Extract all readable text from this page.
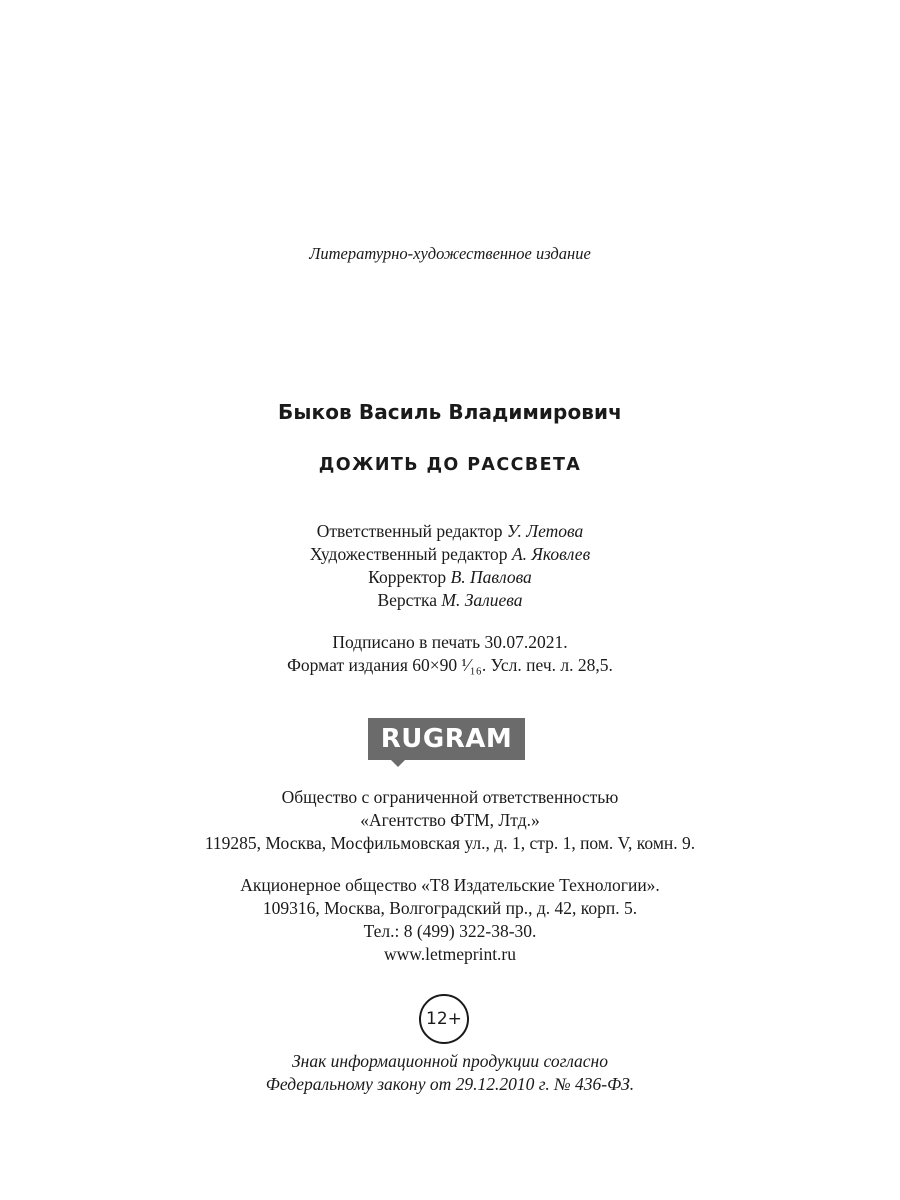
Литературно-художественное издание
Быков Василь Владимирович
ДОЖИТЬ ДО РАССВЕТА
Ответственный редактор У. Летова
Художественный редактор А. Яковлев
Корректор В. Павлова
Верстка М. Залиева
Подписано в печать 30.07.2021.
Формат издания 60×90 ¹⁄₁₆. Усл. печ. л. 28,5.
RUGRAM
Общество с ограниченной ответственностью
«Агентство ФТМ, Лтд.»
119285, Москва, Мосфильмовская ул., д. 1, стр. 1, пом. V, комн. 9.
Акционерное общество «Т8 Издательские Технологии».
109316, Москва, Волгоградский пр., д. 42, корп. 5.
Тел.: 8 (499) 322-38-30.
www.letmeprint.ru
12+
Знак информационной продукции согласно
Федеральному закону от 29.12.2010 г. № 436-ФЗ.
